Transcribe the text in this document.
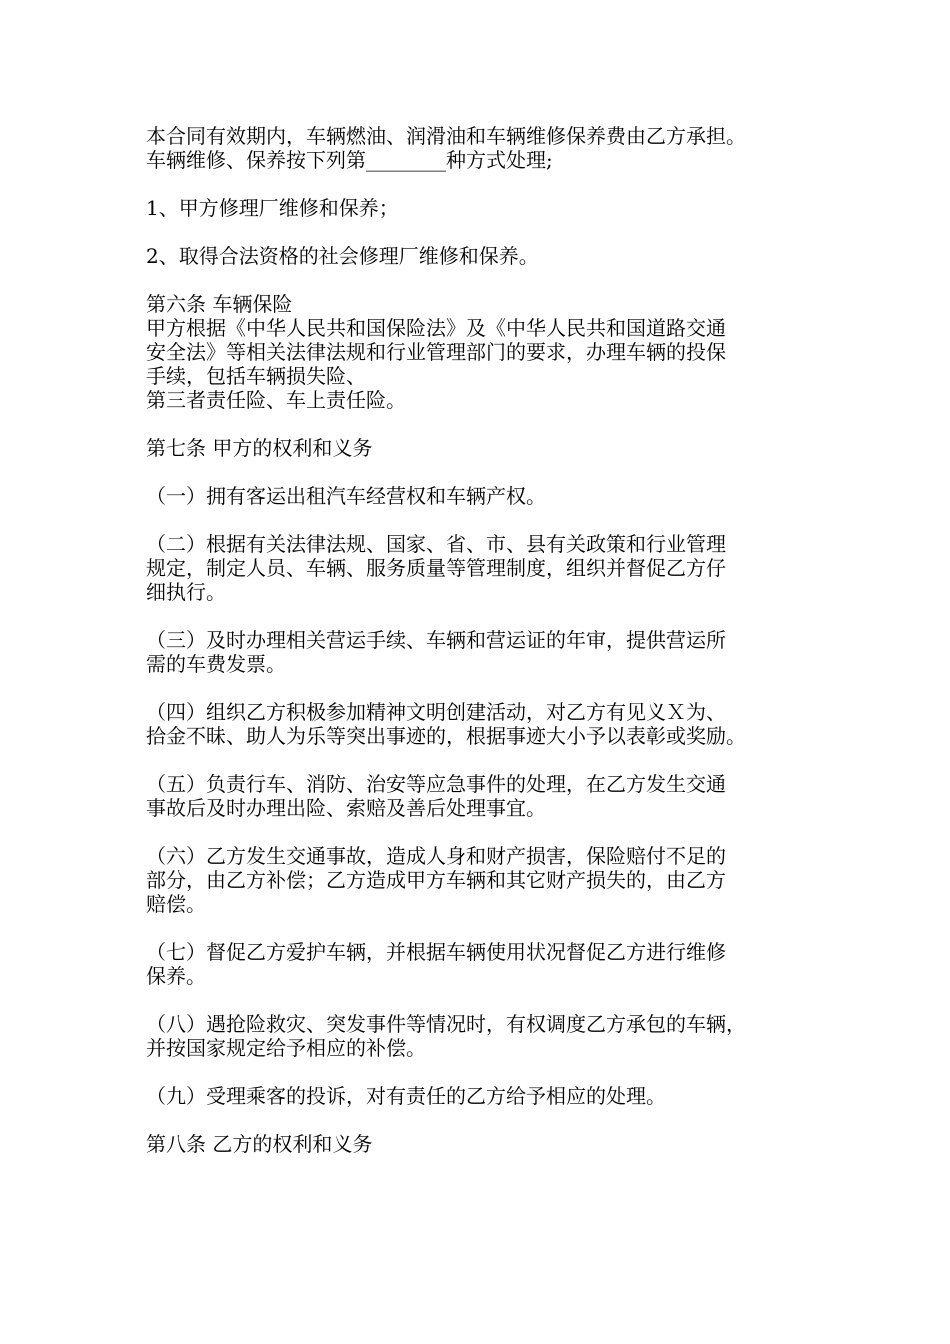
本合同有效期内，车辆燃油、润滑油和车辆维修保养费由乙方承担。
车辆维修、保养按下列第________种方式处理;
1、甲方修理厂维修和保养；
2、取得合法资格的社会修理厂维修和保养。
第六条 车辆保险
甲方根据《中华人民共和国保险法》及《中华人民共和国道路交通
安全法》等相关法律法规和行业管理部门的要求，办理车辆的投保
手续，包括车辆损失险、
第三者责任险、车上责任险。
第七条 甲方的权利和义务
（一）拥有客运出租汽车经营权和车辆产权。
（二）根据有关法律法规、国家、省、市、县有关政策和行业管理
规定，制定人员、车辆、服务质量等管理制度，组织并督促乙方仔
细执行。
（三）及时办理相关营运手续、车辆和营运证的年审，提供营运所
需的车费发票。
（四）组织乙方积极参加精神文明创建活动，对乙方有见义Ｘ为、
拾金不昧、助人为乐等突出事迹的，根据事迹大小予以表彰或奖励。
（五）负责行车、消防、治安等应急事件的处理，在乙方发生交通
事故后及时办理出险、索赔及善后处理事宜。
（六）乙方发生交通事故，造成人身和财产损害，保险赔付不足的
部分，由乙方补偿；乙方造成甲方车辆和其它财产损失的，由乙方
赔偿。
（七）督促乙方爱护车辆，并根据车辆使用状况督促乙方进行维修
保养。
（八）遇抢险救灾、突发事件等情况时，有权调度乙方承包的车辆，
并按国家规定给予相应的补偿。
（九）受理乘客的投诉，对有责任的乙方给予相应的处理。
第八条 乙方的权利和义务
